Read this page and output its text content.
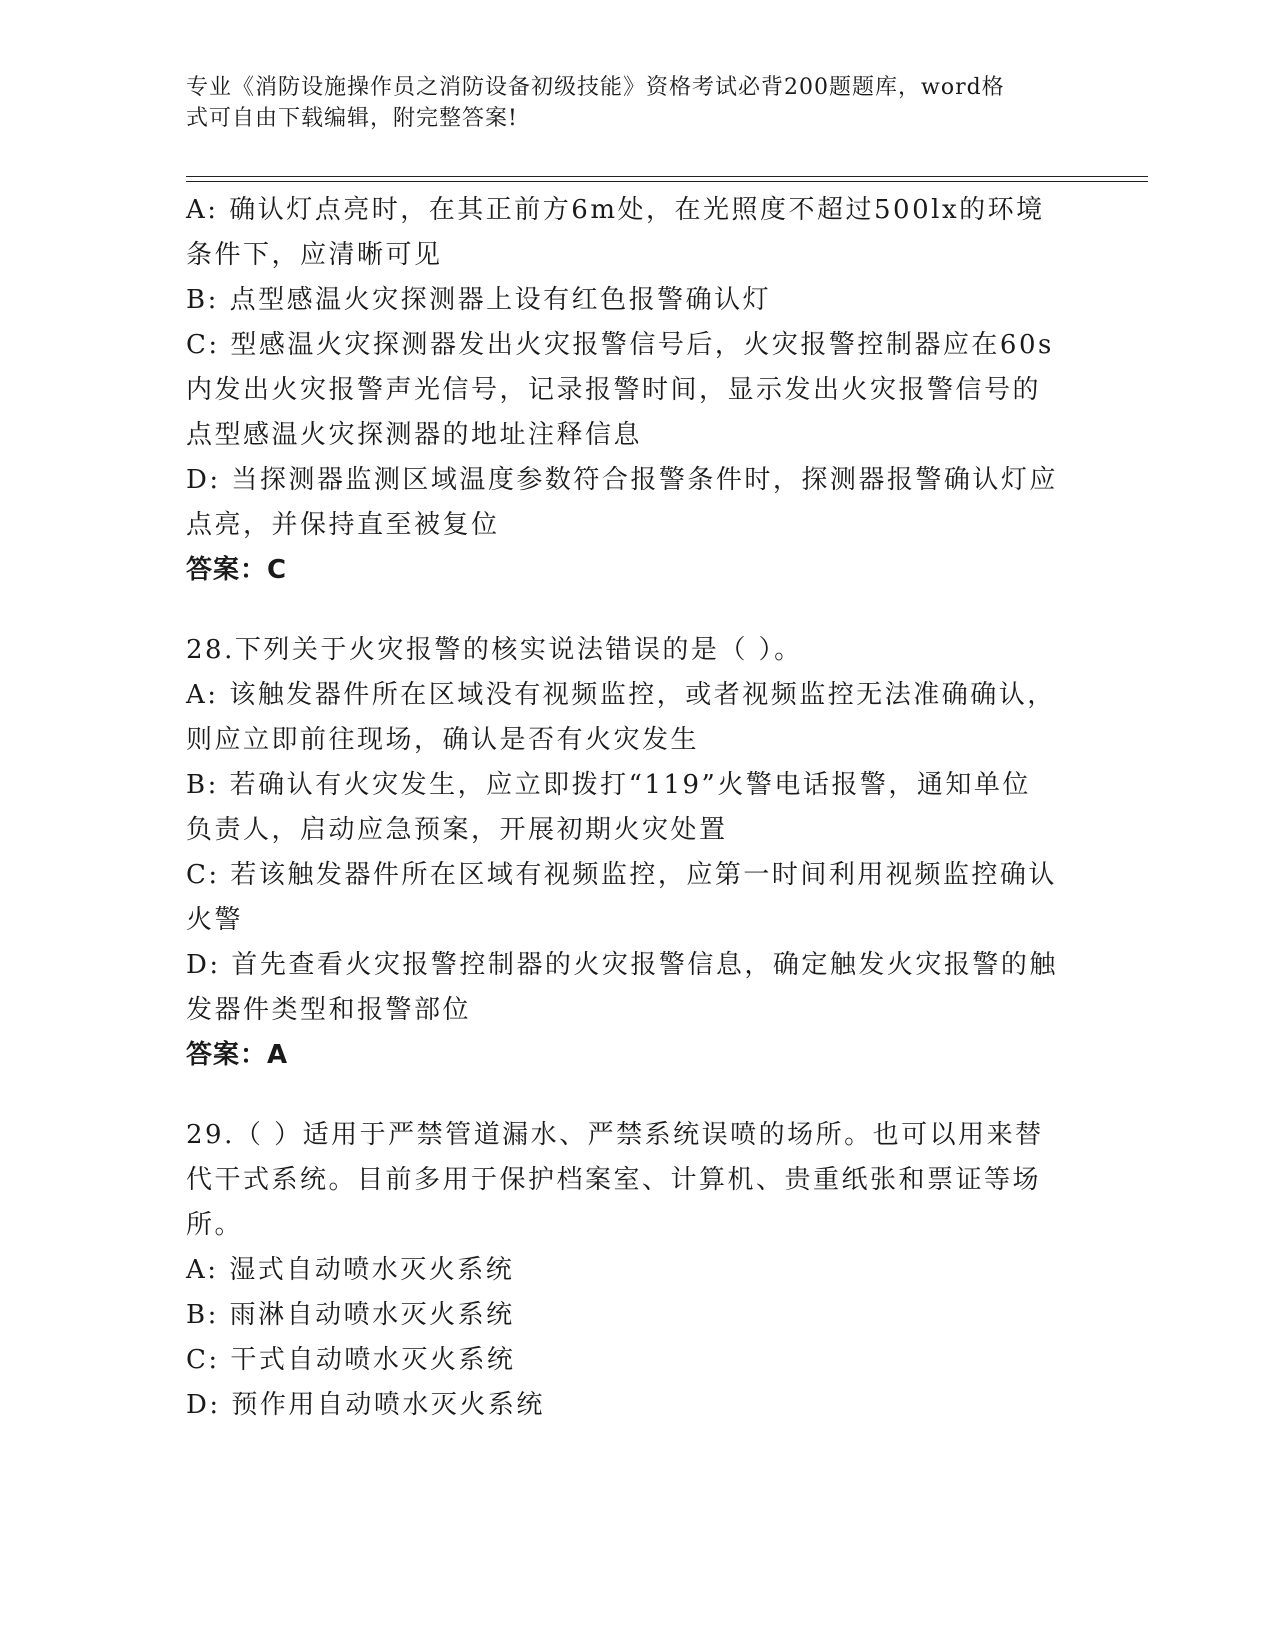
专业《消防设施操作员之消防设备初级技能》资格考试必背200题题库，word格
式可自由下载编辑，附完整答案!
A: 确认灯点亮时，在其正前方6m处，在光照度不超过500lx的环境
条件下，应清晰可见
B: 点型感温火灾探测器上设有红色报警确认灯
C: 型感温火灾探测器发出火灾报警信号后，火灾报警控制器应在60s
内发出火灾报警声光信号，记录报警时间，显示发出火灾报警信号的
点型感温火灾探测器的地址注释信息
D: 当探测器监测区域温度参数符合报警条件时，探测器报警确认灯应
点亮，并保持直至被复位
答案：C
28.下列关于火灾报警的核实说法错误的是（ ）。
A: 该触发器件所在区域没有视频监控，或者视频监控无法准确确认，
则应立即前往现场，确认是否有火灾发生
B: 若确认有火灾发生，应立即拨打“119”火警电话报警，通知单位
负责人，启动应急预案，开展初期火灾处置
C: 若该触发器件所在区域有视频监控，应第一时间利用视频监控确认
火警
D: 首先查看火灾报警控制器的火灾报警信息，确定触发火灾报警的触
发器件类型和报警部位
答案：A
29.（ ）适用于严禁管道漏水、严禁系统误喷的场所。也可以用来替
代干式系统。目前多用于保护档案室、计算机、贵重纸张和票证等场
所。
A: 湿式自动喷水灭火系统
B: 雨淋自动喷水灭火系统
C: 干式自动喷水灭火系统
D: 预作用自动喷水灭火系统
